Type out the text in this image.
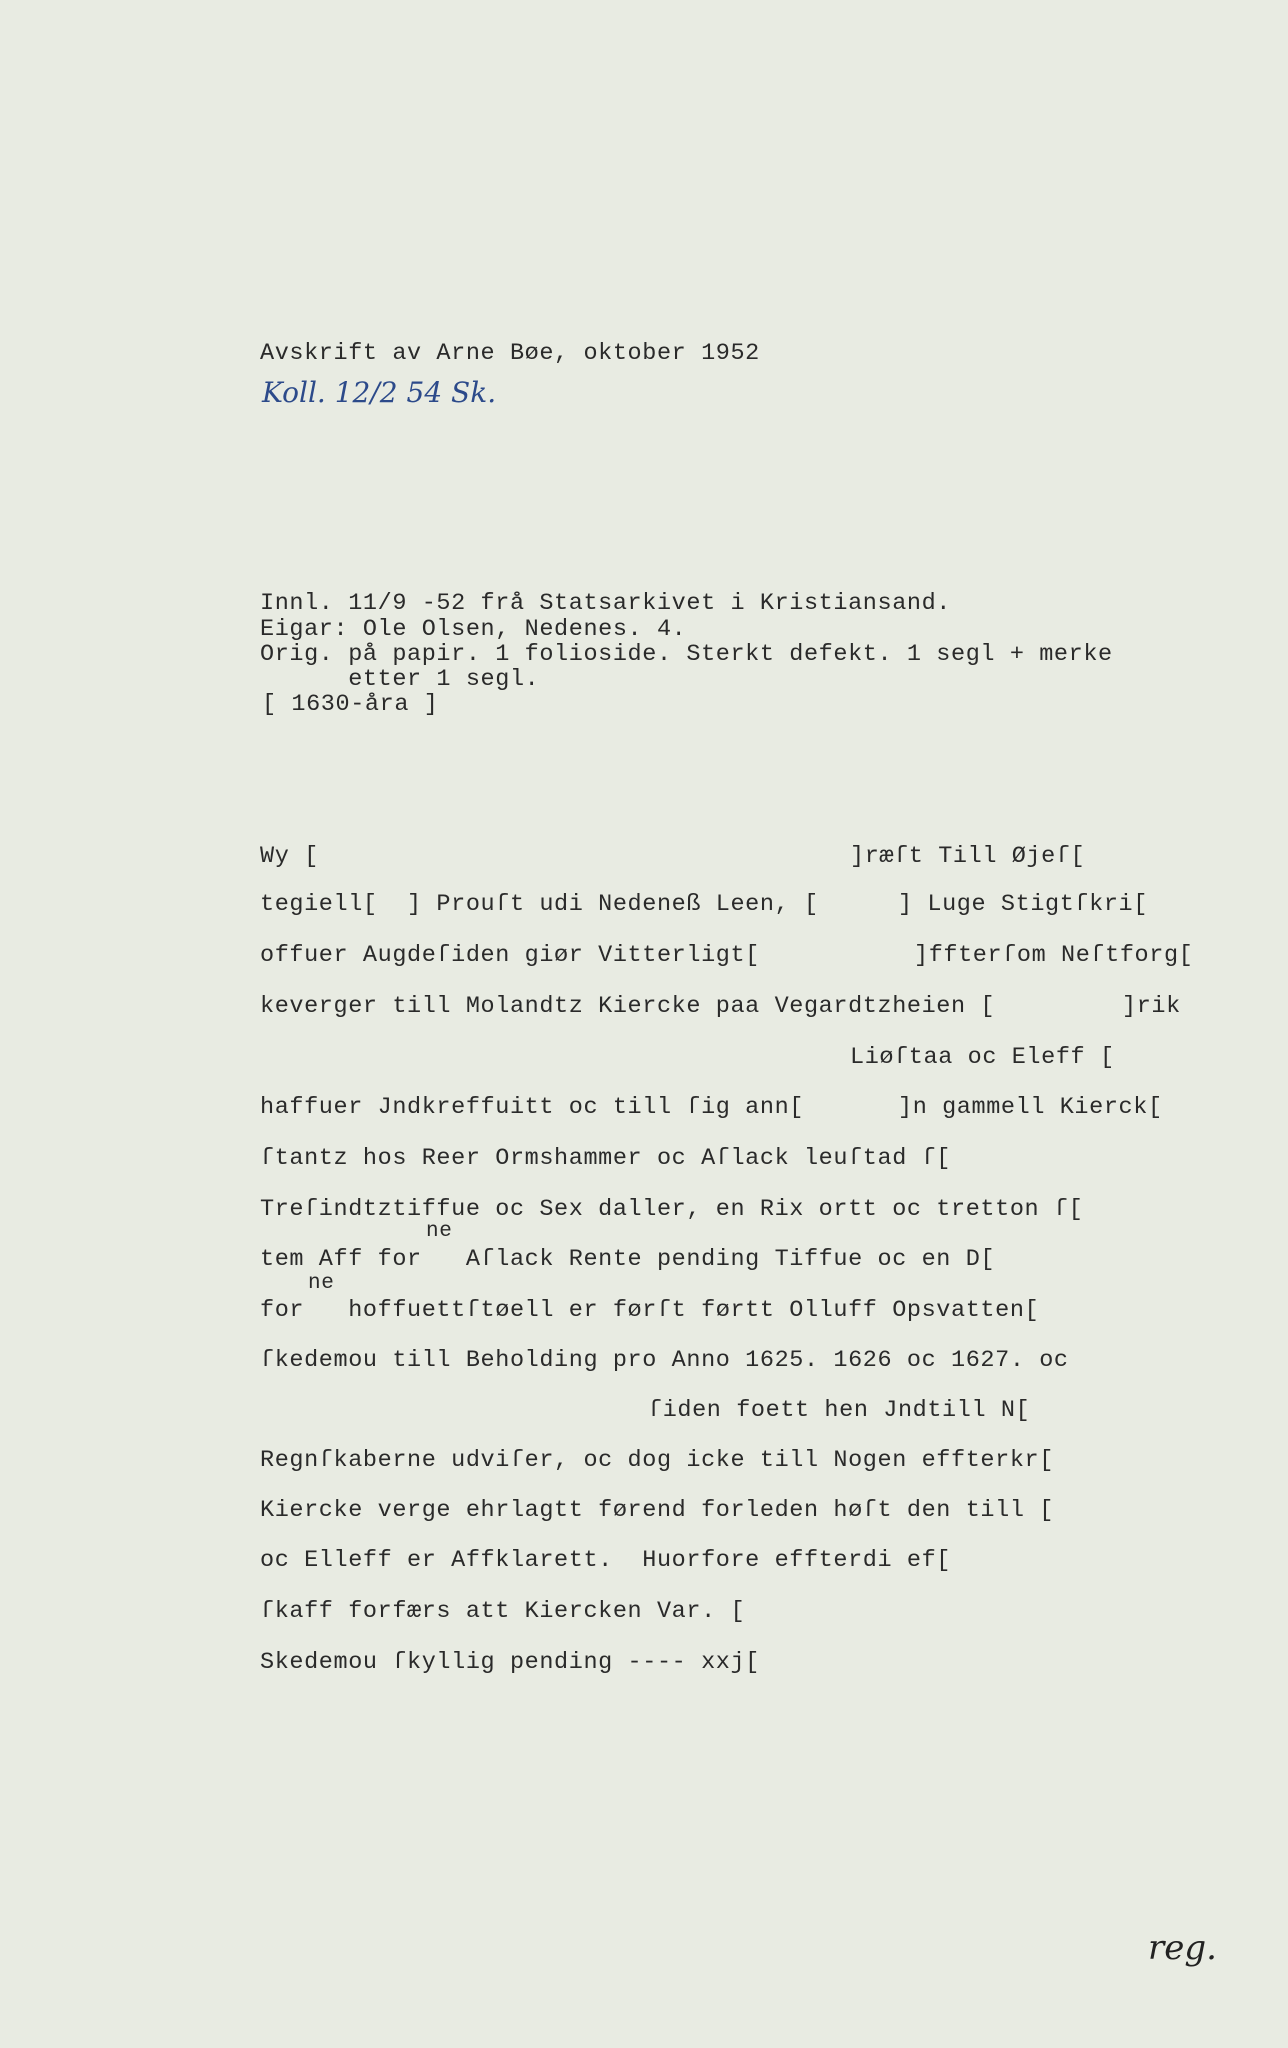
Avskrift av Arne Bøe, oktober 1952
Koll. 12/2 54 Sk.
Innl. 11/9 -52 frå Statsarkivet i Kristiansand.
Eigar: Ole Olsen, Nedenes. 4.
Orig. på papir. 1 folioside. Sterkt defekt. 1 segl + merke
etter 1 segl.
[ 1630-åra ]
Wy [	]ræſt Till Øjeſ[
tegiell[  ] Prouſt udi Nedeneß Leen, [	] Luge Stigtſkri[
offuer Augdeſiden giør Vitterligt[	]ffterſom Neſtforg[
keverger till Molandtz Kiercke paa Vegardtzheien [	]rik
Liøſtaa oc Eleff [
haffuer Jndkreffuitt oc till ſig ann[	]n gammell Kierck[
ſtantz hos Reer Ormshammer oc Aſlack leuſtad ſ[
Treſindtztiffue oc Sex daller, en Rix ortt oc tretton ſ[
ne
tem Aff for   Aſlack Rente pending Tiffue oc en D[
ne
for   hoffuettſtøell er førſt førtt Olluff Opsvatten[
ſkedemou till Beholding pro Anno 1625. 1626 oc 1627. oc
ſiden foett hen Jndtill N[
Regnſkaberne udviſer, oc dog icke till Nogen effterkr[
Kiercke verge ehrlagtt førend forleden høſt den till [
oc Elleff er Affklarett.  Huorfore effterdi ef[
ſkaff forfærs att Kiercken Var. [
Skedemou ſkyllig pending ---- xxj[
reg.
